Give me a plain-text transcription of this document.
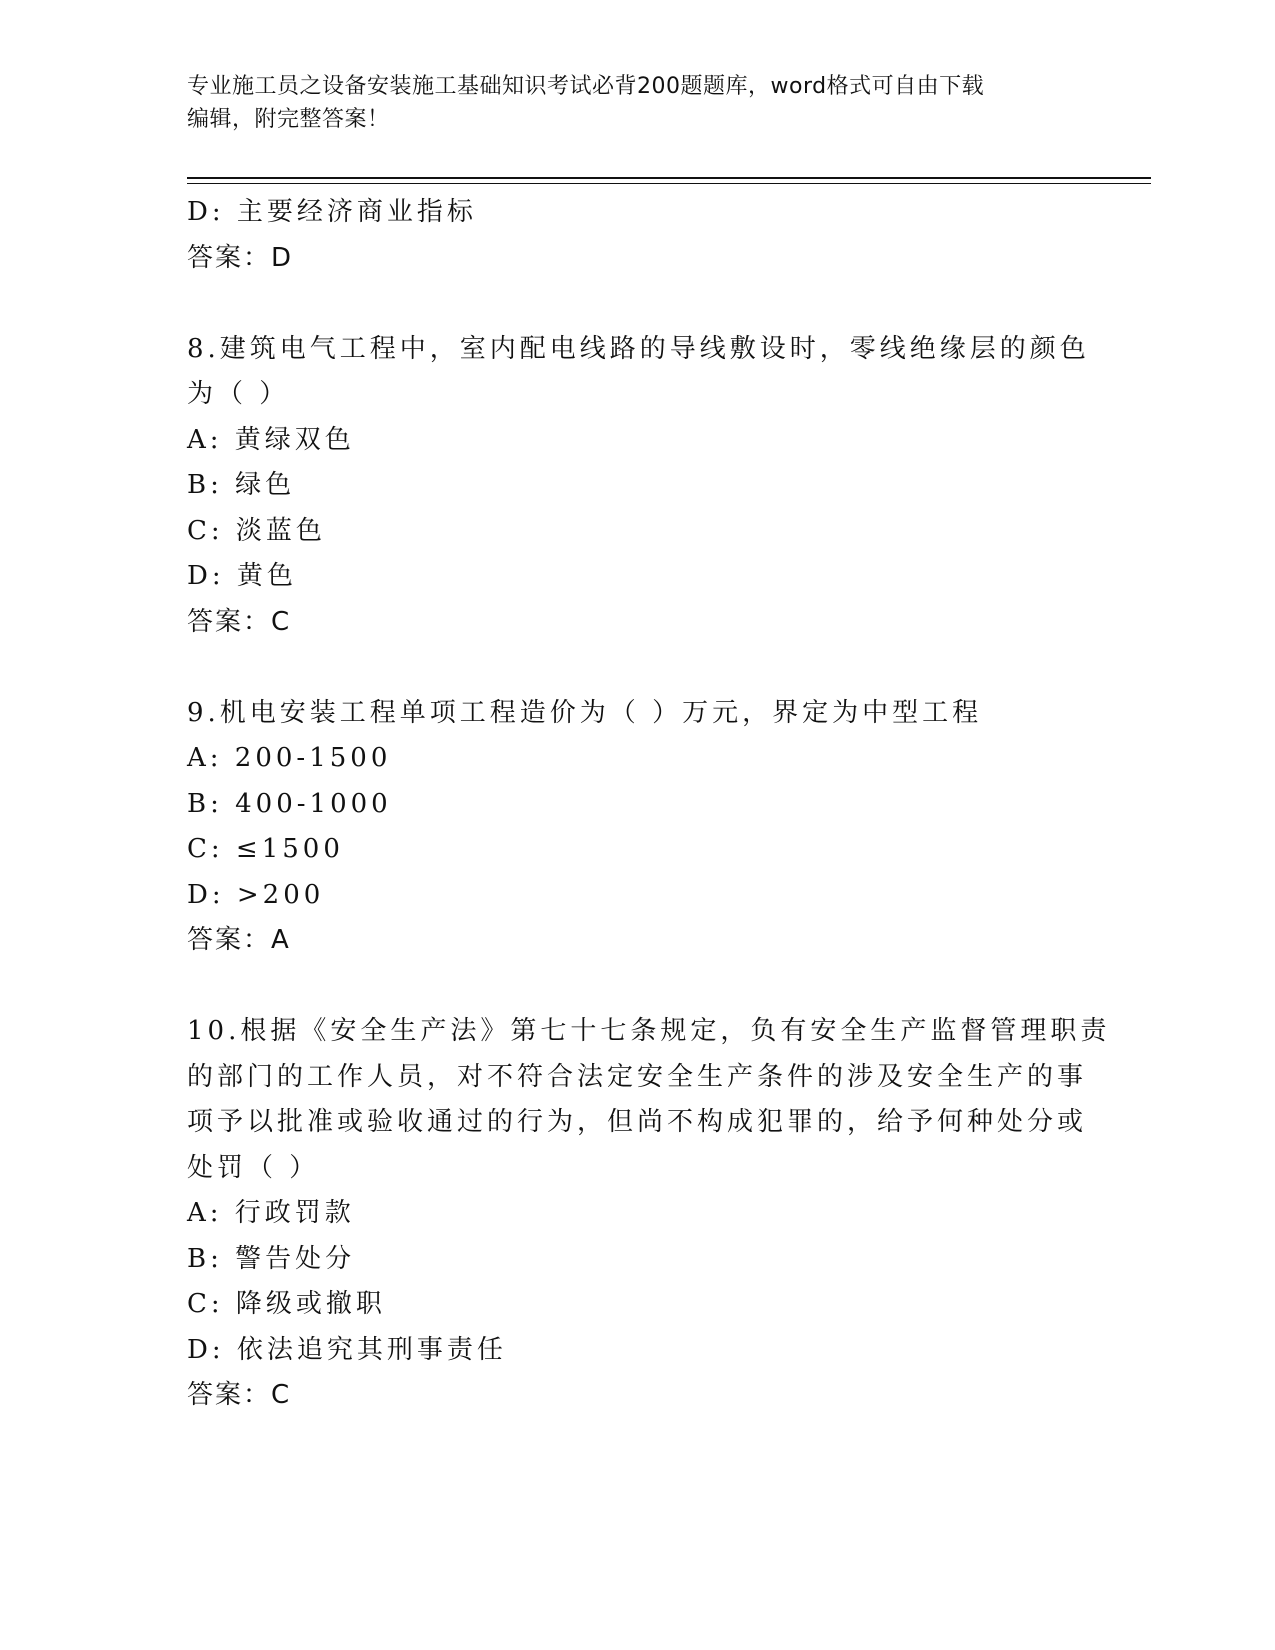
专业施工员之设备安装施工基础知识考试必背200题题库，word格式可自由下载
编辑，附完整答案！
D: 主要经济商业指标
答案：D
8.建筑电气工程中，室内配电线路的导线敷设时，零线绝缘层的颜色
为（ ）
A: 黄绿双色
B: 绿色
C: 淡蓝色
D: 黄色
答案：C
9.机电安装工程单项工程造价为（ ）万元，界定为中型工程
A: 200-1500
B: 400-1000
C: ≤1500
D: >200
答案：A
10.根据《安全生产法》第七十七条规定，负有安全生产监督管理职责
的部门的工作人员，对不符合法定安全生产条件的涉及安全生产的事
项予以批准或验收通过的行为，但尚不构成犯罪的，给予何种处分或
处罚（ ）
A: 行政罚款
B: 警告处分
C: 降级或撤职
D: 依法追究其刑事责任
答案：C
